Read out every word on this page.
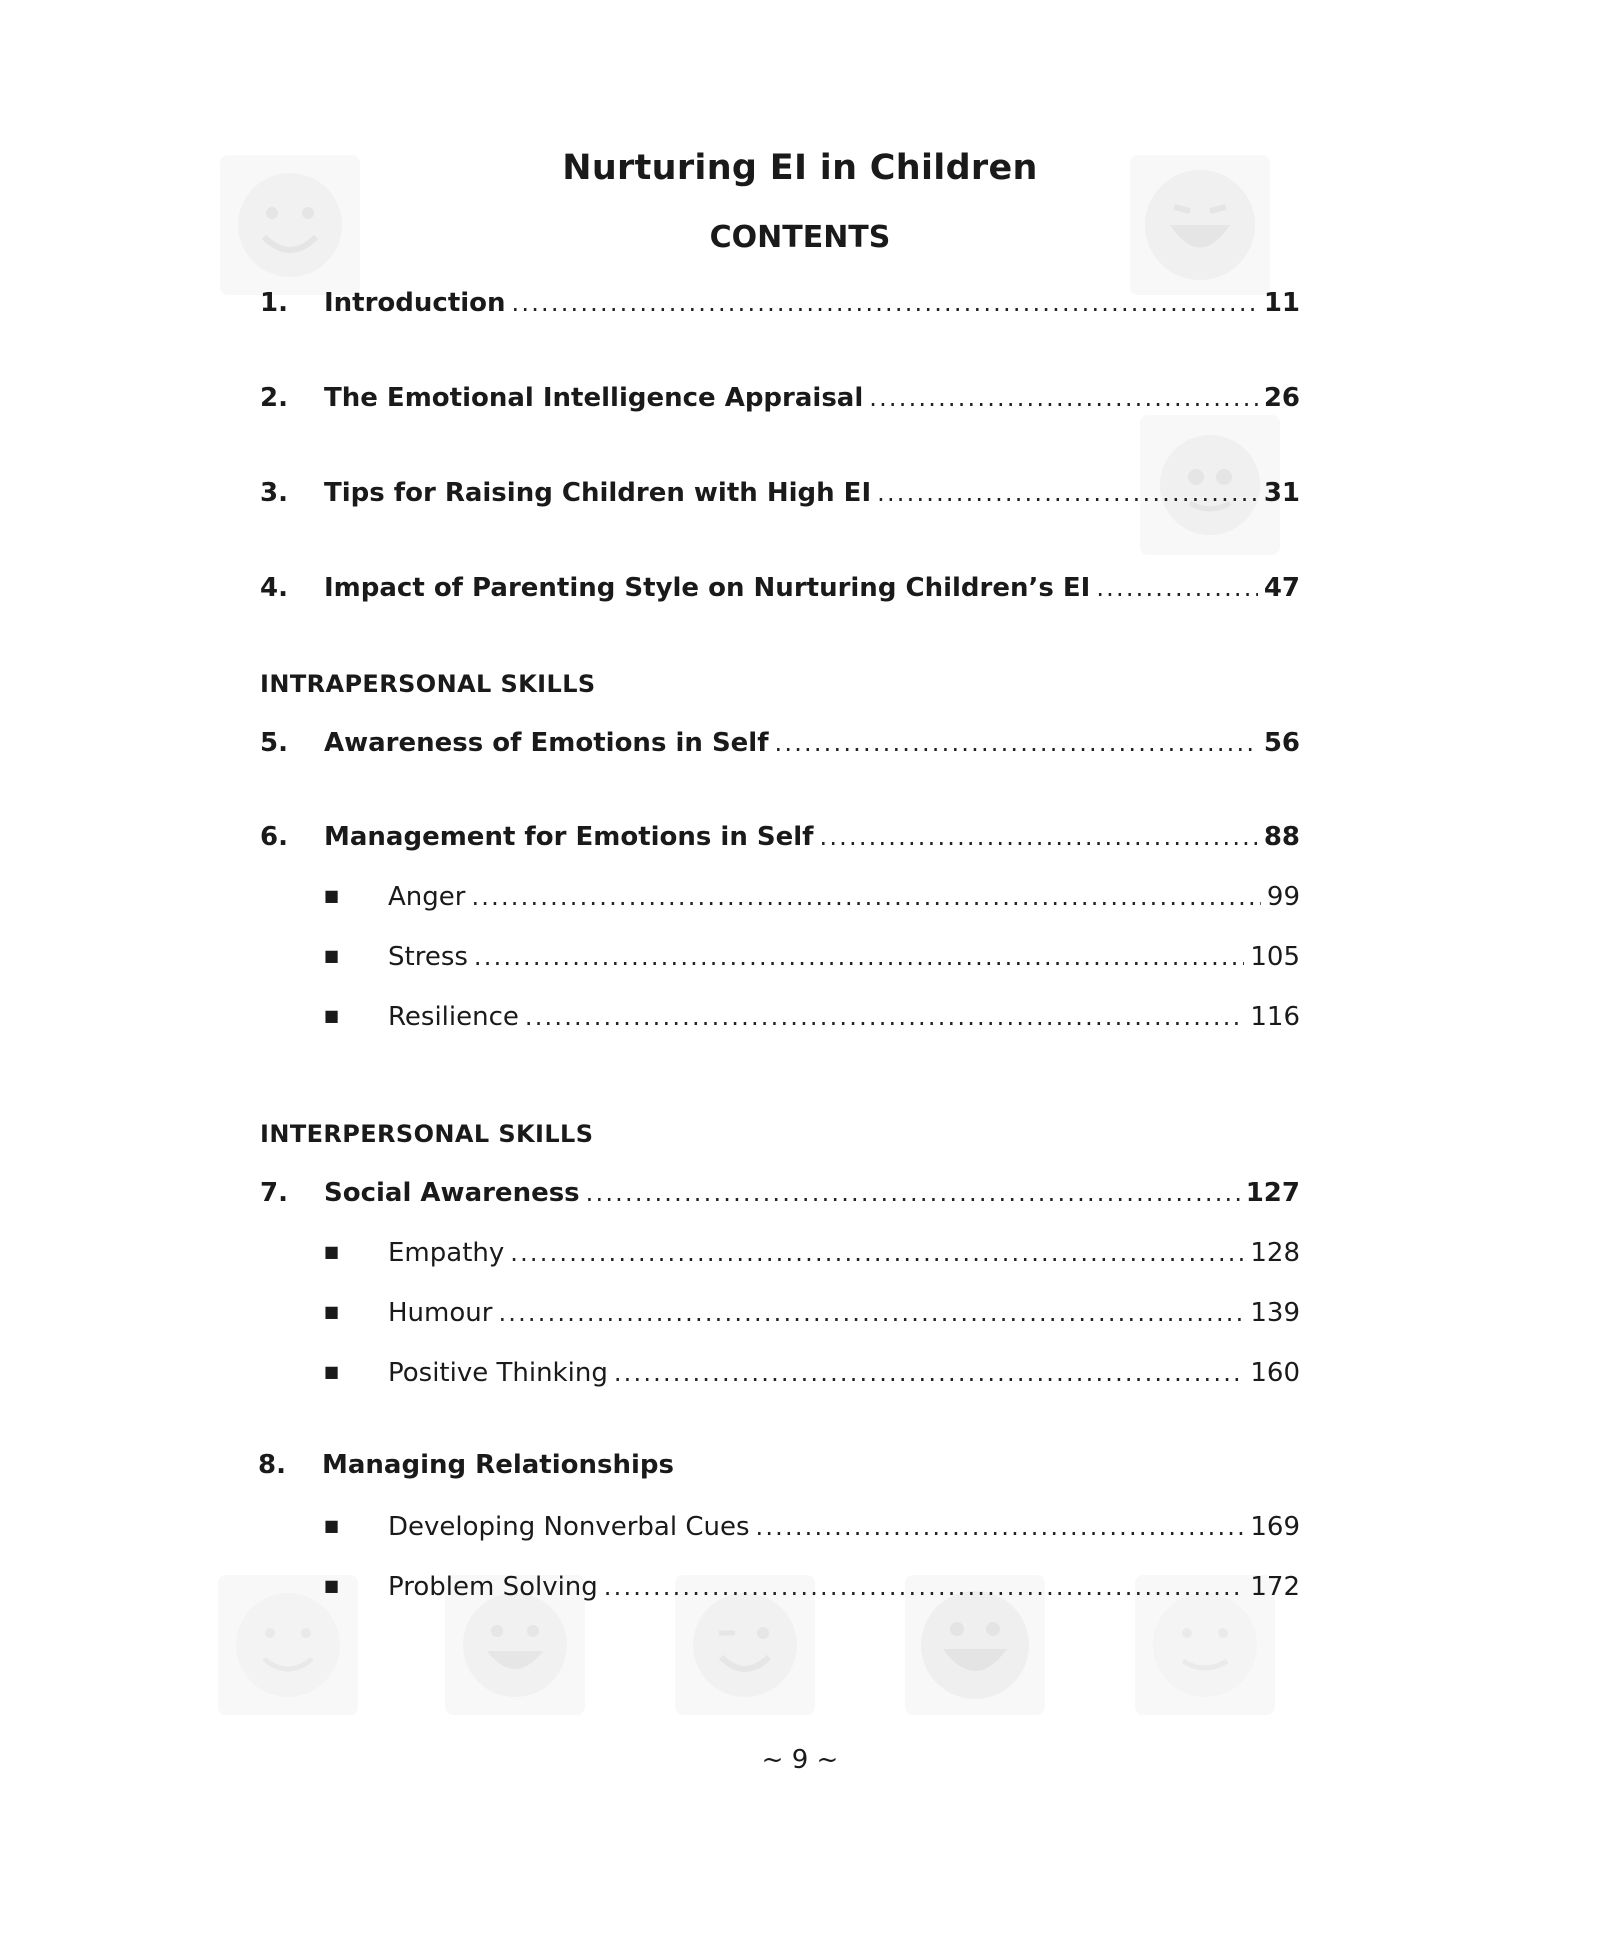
Nurturing EI in Children
CONTENTS
1.	Introduction .....	11
2.	The Emotional Intelligence Appraisal .....	26
3.	Tips for Raising Children with High EI .....	31
4.	Impact of Parenting Style on Nurturing Children’s EI .....	47
INTRAPERSONAL SKILLS
5.	Awareness of Emotions in Self .....	56
6.	Management for Emotions in Self .....	88
■	Anger .....	99
■	Stress .....	105
■	Resilience .....	116
INTERPERSONAL SKILLS
7.	Social Awareness .....	127
■	Empathy .....	128
■	Humour .....	139
■	Positive Thinking .....	160
8.	Managing Relationships
■	Developing Nonverbal Cues .....	169
■	Problem Solving .....	172
~ 9 ~
